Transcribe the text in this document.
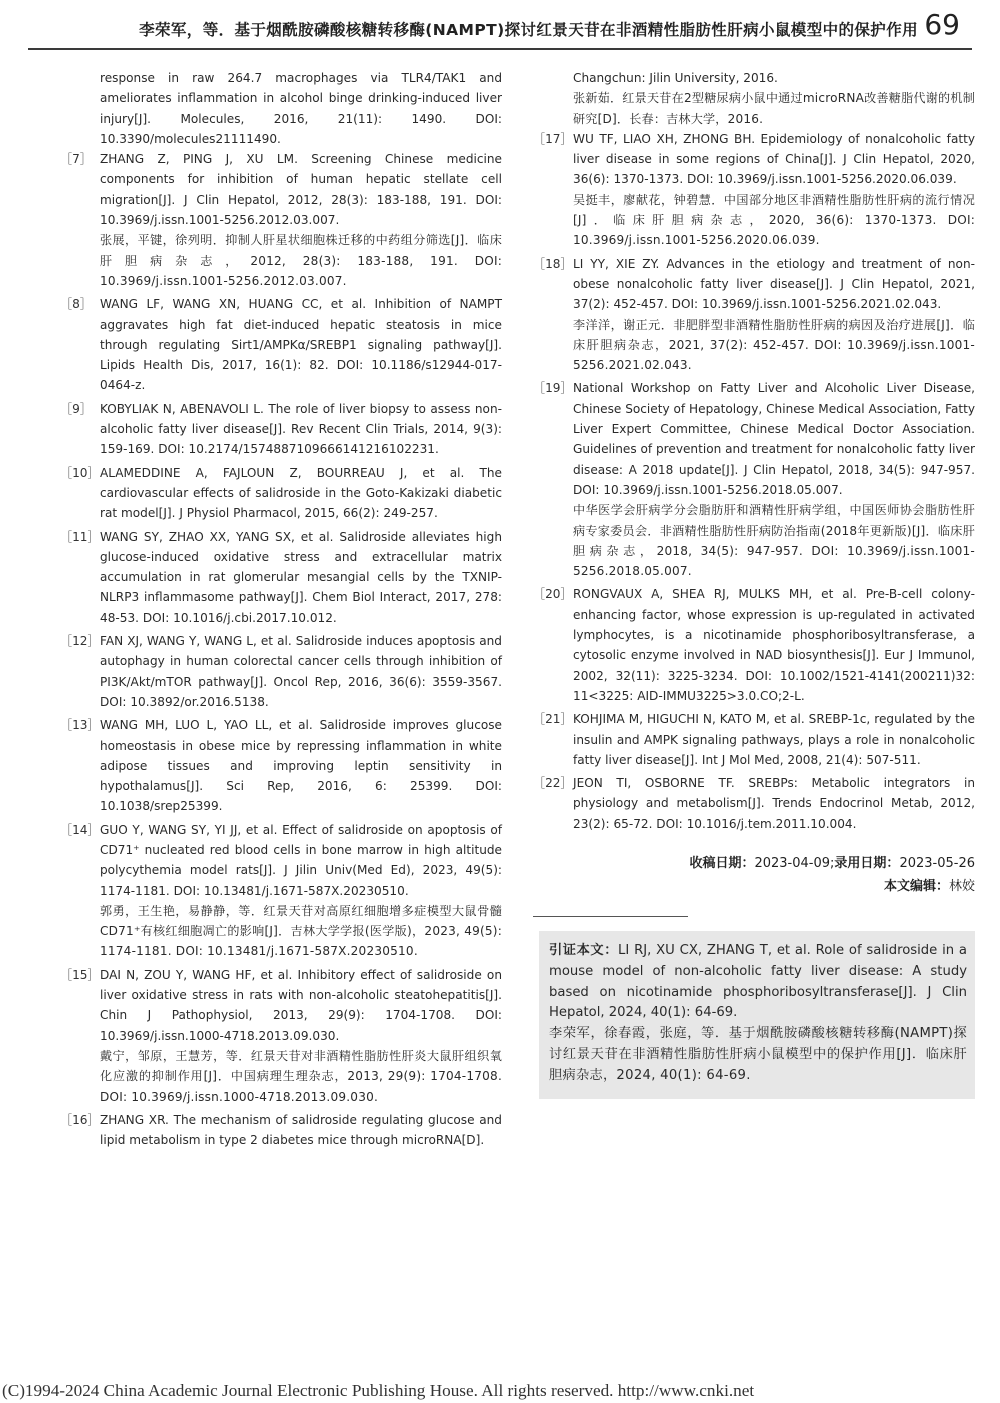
李荣军，等．基于烟酰胺磷酸核糖转移酶(NAMPT)探讨红景天苷在非酒精性脂肪性肝病小鼠模型中的保护作用 69

response in raw 264.7 macrophages via TLR4/TAK1 and ameliorates inflammation in alcohol binge drinking-induced liver injury[J]. Molecules, 2016, 21(11): 1490. DOI: 10.3390/molecules21111490.

［7］ ZHANG Z, PING J, XU LM. Screening Chinese medicine components for inhibition of human hepatic stellate cell migration[J]. J Clin Hepatol, 2012, 28(3): 183-188, 191. DOI: 10.3969/j.issn.1001-5256.2012.03.007.
张展，平键，徐列明．抑制人肝星状细胞株迁移的中药组分筛选[J]．临床肝胆病杂志，2012, 28(3): 183-188, 191. DOI: 10.3969/j.issn.1001-5256.2012.03.007.

［8］ WANG LF, WANG XN, HUANG CC, et al. Inhibition of NAMPT aggravates high fat diet-induced hepatic steatosis in mice through regulating Sirt1/AMPKα/SREBP1 signaling pathway[J]. Lipids Health Dis, 2017, 16(1): 82. DOI: 10.1186/s12944-017-0464-z.

［9］ KOBYLIAK N, ABENAVOLI L. The role of liver biopsy to assess non-alcoholic fatty liver disease[J]. Rev Recent Clin Trials, 2014, 9(3): 159-169. DOI: 10.2174/1574887109666141216102231.

［10］ ALAMEDDINE A, FAJLOUN Z, BOURREAU J, et al. The cardiovascular effects of salidroside in the Goto-Kakizaki diabetic rat model[J]. J Physiol Pharmacol, 2015, 66(2): 249-257.

［11］ WANG SY, ZHAO XX, YANG SX, et al. Salidroside alleviates high glucose-induced oxidative stress and extracellular matrix accumulation in rat glomerular mesangial cells by the TXNIP-NLRP3 inflammasome pathway[J]. Chem Biol Interact, 2017, 278: 48-53. DOI: 10.1016/j.cbi.2017.10.012.

［12］ FAN XJ, WANG Y, WANG L, et al. Salidroside induces apoptosis and autophagy in human colorectal cancer cells through inhibition of PI3K/Akt/mTOR pathway[J]. Oncol Rep, 2016, 36(6): 3559-3567. DOI: 10.3892/or.2016.5138.

［13］ WANG MH, LUO L, YAO LL, et al. Salidroside improves glucose homeostasis in obese mice by repressing inflammation in white adipose tissues and improving leptin sensitivity in hypothalamus[J]. Sci Rep, 2016, 6: 25399. DOI: 10.1038/srep25399.

［14］ GUO Y, WANG SY, YI JJ, et al. Effect of salidroside on apoptosis of CD71⁺ nucleated red blood cells in bone marrow in high altitude polycythemia model rats[J]. J Jilin Univ(Med Ed), 2023, 49(5): 1174-1181. DOI: 10.13481/j.1671-587X.20230510.
郭勇，王生艳，易静静，等．红景天苷对高原红细胞增多症模型大鼠骨髓CD71⁺有核红细胞凋亡的影响[J]．吉林大学学报(医学版)，2023, 49(5): 1174-1181. DOI: 10.13481/j.1671-587X.20230510.

［15］ DAI N, ZOU Y, WANG HF, et al. Inhibitory effect of salidroside on liver oxidative stress in rats with non-alcoholic steatohepatitis[J]. Chin J Pathophysiol, 2013, 29(9): 1704-1708. DOI: 10.3969/j.issn.1000-4718.2013.09.030.
戴宁，邹原，王慧芳，等．红景天苷对非酒精性脂肪性肝炎大鼠肝组织氧化应激的抑制作用[J]．中国病理生理杂志，2013, 29(9): 1704-1708. DOI: 10.3969/j.issn.1000-4718.2013.09.030.

［16］ ZHANG XR. The mechanism of salidroside regulating glucose and lipid metabolism in type 2 diabetes mice through microRNA[D].

Changchun: Jilin University, 2016.
张新茹．红景天苷在2型糖尿病小鼠中通过microRNA改善糖脂代谢的机制研究[D]．长春：吉林大学，2016.

［17］ WU TF, LIAO XH, ZHONG BH. Epidemiology of nonalcoholic fatty liver disease in some regions of China[J]. J Clin Hepatol, 2020, 36(6): 1370-1373. DOI: 10.3969/j.issn.1001-5256.2020.06.039.
吴挺丰，廖献花，钟碧慧．中国部分地区非酒精性脂肪性肝病的流行情况[J]．临床肝胆病杂志，2020, 36(6): 1370-1373. DOI: 10.3969/j.issn.1001-5256.2020.06.039.

［18］ LI YY, XIE ZY. Advances in the etiology and treatment of non-obese nonalcoholic fatty liver disease[J]. J Clin Hepatol, 2021, 37(2): 452-457. DOI: 10.3969/j.issn.1001-5256.2021.02.043.
李洋洋，谢正元．非肥胖型非酒精性脂肪性肝病的病因及治疗进展[J]．临床肝胆病杂志，2021, 37(2): 452-457. DOI: 10.3969/j.issn.1001-5256.2021.02.043.

［19］ National Workshop on Fatty Liver and Alcoholic Liver Disease, Chinese Society of Hepatology, Chinese Medical Association, Fatty Liver Expert Committee, Chinese Medical Doctor Association. Guidelines of prevention and treatment for nonalcoholic fatty liver disease: A 2018 update[J]. J Clin Hepatol, 2018, 34(5): 947-957. DOI: 10.3969/j.issn.1001-5256.2018.05.007.
中华医学会肝病学分会脂肪肝和酒精性肝病学组，中国医师协会脂肪性肝病专家委员会．非酒精性脂肪性肝病防治指南(2018年更新版)[J]．临床肝胆病杂志，2018, 34(5): 947-957. DOI: 10.3969/j.issn.1001-5256.2018.05.007.

［20］ RONGVAUX A, SHEA RJ, MULKS MH, et al. Pre-B-cell colony-enhancing factor, whose expression is up-regulated in activated lymphocytes, is a nicotinamide phosphoribosyltransferase, a cytosolic enzyme involved in NAD biosynthesis[J]. Eur J Immunol, 2002, 32(11): 3225-3234. DOI: 10.1002/1521-4141(200211)32: 11<3225: AID-IMMU3225>3.0.CO;2-L.

［21］ KOHJIMA M, HIGUCHI N, KATO M, et al. SREBP-1c, regulated by the insulin and AMPK signaling pathways, plays a role in nonalcoholic fatty liver disease[J]. Int J Mol Med, 2008, 21(4): 507-511.

［22］ JEON TI, OSBORNE TF. SREBPs: Metabolic integrators in physiology and metabolism[J]. Trends Endocrinol Metab, 2012, 23(2): 65-72. DOI: 10.1016/j.tem.2011.10.004.

收稿日期：2023-04-09;录用日期：2023-05-26
本文编辑：林姣
引证本文：LI RJ, XU CX, ZHANG T, et al. Role of salidroside in a mouse model of non-alcoholic fatty liver disease: A study based on nicotinamide phosphoribosyltransferase[J]. J Clin Hepatol, 2024, 40(1): 64-69.
李荣军，徐春霞，张庭，等．基于烟酰胺磷酸核糖转移酶(NAMPT)探讨红景天苷在非酒精性脂肪性肝病小鼠模型中的保护作用[J]．临床肝胆病杂志，2024, 40(1): 64-69.
(C)1994-2024 China Academic Journal Electronic Publishing House. All rights reserved. http://www.cnki.net
